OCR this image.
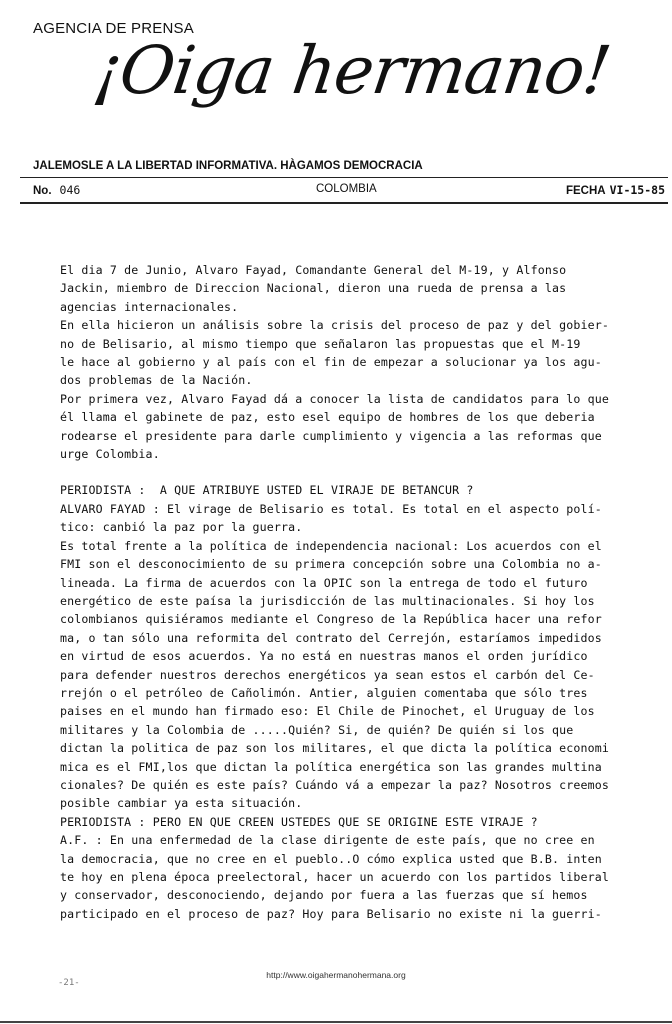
AGENCIA DE PRENSA
¡Oiga hermano!
JALEMOSLE A LA LIBERTAD INFORMATIVA. HÀGAMOS DEMOCRACIA
No. 046	COLOMBIA	FECHA VI-15-85

El dia 7 de Junio, Alvaro Fayad, Comandante General del M-19, y Alfonso

Jackin, miembro de Direccion Nacional, dieron una rueda de prensa a las

agencias internacionales.

En ella hicieron un análisis sobre la crisis del proceso de paz y del gobier-

no de Belisario, al mismo tiempo que señalaron las propuestas que el M-19

le hace al gobierno y al país con el fin de empezar a solucionar ya los agu-

dos problemas de la Nación.

Por primera vez, Alvaro Fayad dá a conocer la lista de candidatos para lo que

él llama el gabinete de paz, esto esel equipo de hombres de los que deberia

rodearse el presidente para darle cumplimiento y vigencia a las reformas que

urge Colombia.

PERIODISTA :  A QUE ATRIBUYE USTED EL VIRAJE DE BETANCUR ?

ALVARO FAYAD : El virage de Belisario es total. Es total en el aspecto polí-

tico: canbió la paz por la guerra.

Es total frente a la política de independencia nacional: Los acuerdos con el

FMI son el desconocimiento de su primera concepción sobre una Colombia no a-

lineada. La firma de acuerdos con la OPIC son la entrega de todo el futuro

energético de este paísa la jurisdicción de las multinacionales. Si hoy los

colombianos quisiéramos mediante el Congreso de la República hacer una refor

ma, o tan sólo una reformita del contrato del Cerrejón, estaríamos impedidos

en virtud de esos acuerdos. Ya no está en nuestras manos el orden jurídico

para defender nuestros derechos energéticos ya sean estos el carbón del Ce-

rrejón o el petróleo de Cañolimón. Antier, alguien comentaba que sólo tres

paises en el mundo han firmado eso: El Chile de Pinochet, el Uruguay de los

militares y la Colombia de .....Quién? Si, de quién? De quién si los que

dictan la politica de paz son los militares, el que dicta la política economi

mica es el FMI,los que dictan la política energética son las grandes multina

cionales? De quién es este país? Cuándo vá a empezar la paz? Nosotros creemos

posible cambiar ya esta situación.

PERIODISTA : PERO EN QUE CREEN USTEDES QUE SE ORIGINE ESTE VIRAJE ?

A.F. : En una enfermedad de la clase dirigente de este país, que no cree en

la democracia, que no cree en el pueblo..O cómo explica usted que B.B. inten

te hoy en plena época preelectoral, hacer un acuerdo con los partidos liberal

y conservador, desconociendo, dejando por fuera a las fuerzas que sí hemos

participado en el proceso de paz? Hoy para Belisario no existe ni la guerri-

-21-
http://www.oigahermanohermana.org
